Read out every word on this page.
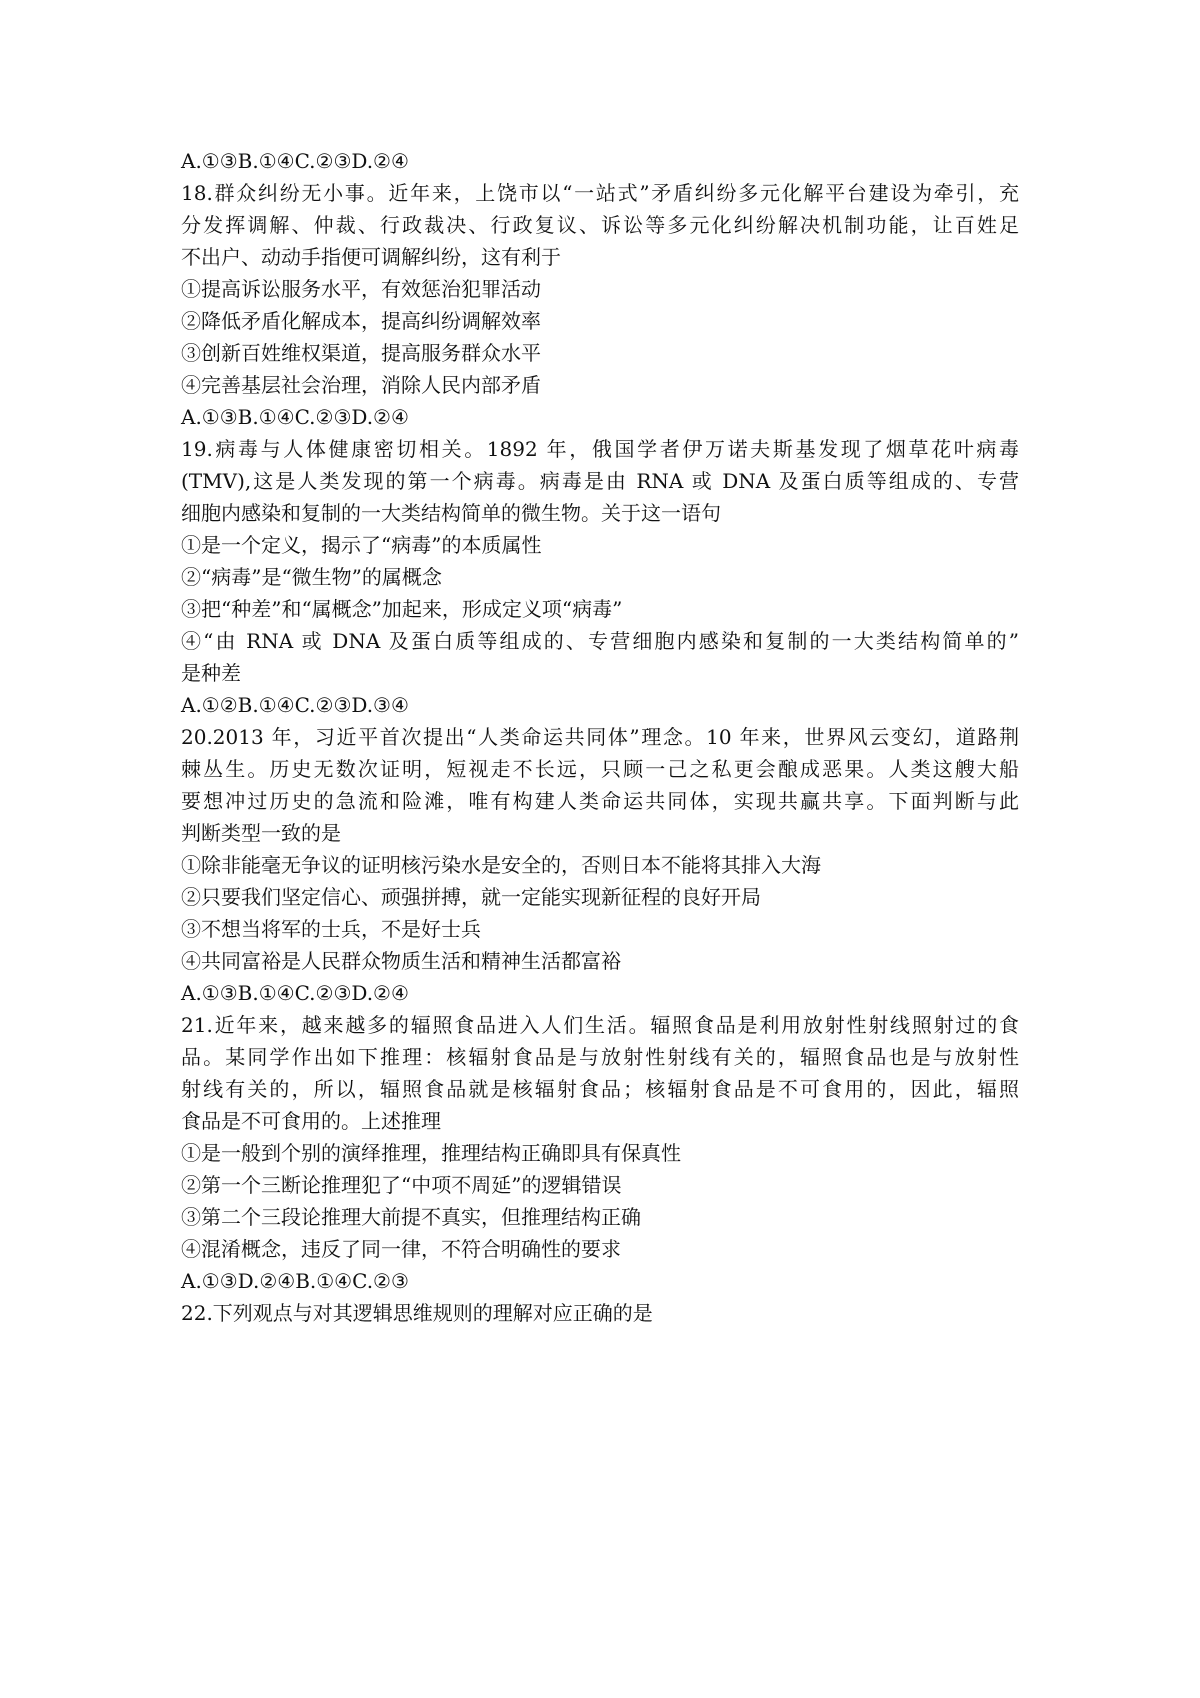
A.①③B.①④C.②③D.②④

18.群众纠纷无小事。近年来，上饶市以“一站式”矛盾纠纷多元化解平台建设为牵引，充

分发挥调解、仲裁、行政裁决、行政复议、诉讼等多元化纠纷解决机制功能，让百姓足

不出户、动动手指便可调解纠纷，这有利于

①提高诉讼服务水平，有效惩治犯罪活动

②降低矛盾化解成本，提高纠纷调解效率

③创新百姓维权渠道，提高服务群众水平

④完善基层社会治理，消除人民内部矛盾

A.①③B.①④C.②③D.②④

19.病毒与人体健康密切相关。1892 年，俄国学者伊万诺夫斯基发现了烟草花叶病毒

(TMV),这是人类发现的第一个病毒。病毒是由 RNA 或 DNA 及蛋白质等组成的、专营

细胞内感染和复制的一大类结构简单的微生物。关于这一语句

①是一个定义，揭示了“病毒”的本质属性

②“病毒”是“微生物”的属概念

③把“种差”和“属概念”加起来，形成定义项“病毒”

④“由 RNA 或 DNA 及蛋白质等组成的、专营细胞内感染和复制的一大类结构简单的”

是种差

A.①②B.①④C.②③D.③④

20.2013 年，习近平首次提出“人类命运共同体”理念。10 年来，世界风云变幻，道路荆

棘丛生。历史无数次证明，短视走不长远，只顾一己之私更会酿成恶果。人类这艘大船

要想冲过历史的急流和险滩，唯有构建人类命运共同体，实现共赢共享。下面判断与此

判断类型一致的是

①除非能毫无争议的证明核污染水是安全的，否则日本不能将其排入大海

②只要我们坚定信心、顽强拼搏，就一定能实现新征程的良好开局

③不想当将军的士兵，不是好士兵

④共同富裕是人民群众物质生活和精神生活都富裕

A.①③B.①④C.②③D.②④

21.近年来，越来越多的辐照食品进入人们生活。辐照食品是利用放射性射线照射过的食

品。某同学作出如下推理：核辐射食品是与放射性射线有关的，辐照食品也是与放射性

射线有关的，所以，辐照食品就是核辐射食品；核辐射食品是不可食用的，因此，辐照

食品是不可食用的。上述推理

①是一般到个别的演绎推理，推理结构正确即具有保真性

②第一个三断论推理犯了“中项不周延”的逻辑错误

③第二个三段论推理大前提不真实，但推理结构正确

④混淆概念，违反了同一律，不符合明确性的要求

A.①③D.②④B.①④C.②③

22.下列观点与对其逻辑思维规则的理解对应正确的是
